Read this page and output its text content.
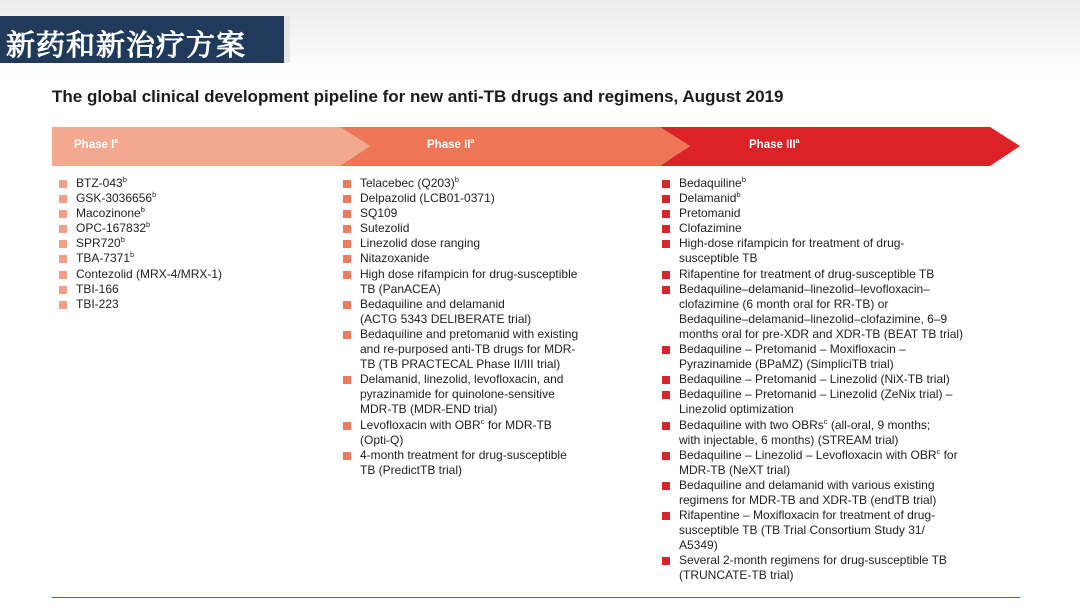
新药和新治疗方案
The global clinical development pipeline for new anti-TB drugs and regimens, August 2019
Phase $I^a$	Phase $II^a$	Phase III$^a$
BTZ-043$^b$
GSK-3036656$^b$
Macozinone$^b$
OPC-167832$^b$
SPR720$^b$
TBA-7371$^b$
Contezolid (MRX-4/MRX-1)
TBI-166
TBI-223
Telacebec $(Q203)^b$
Delpazolid (LCB01-0371)
SQ109
Sutezolid
Linezolid dose ranging
Nitazoxanide
High dose rifampicin for drug-susceptible
TB (PanACEA)
Bedaquiline and delamanid
(ACTG 5343 DELIBERATE trial)
Bedaquiline and pretomanid with existing
and re-purposed anti-TB drugs for MDR-
TB (TB PRACTECAL Phase II/III trial)
Delamanid, linezolid, levofloxacin, and
pyrazinamide for quinolone-sensitive
MDR-TB (MDR-END trial)
Levofloxacin with OBR$^c$ for MDR-TB
(Opti-Q)
4-month treatment for drug-susceptible
TB (PredictTB trial)
Bedaquiline$^b$
Delamanid$^b$
Pretomanid
Clofazimine
High-dose rifampicin for treatment of drug-
susceptible TB
Rifapentine for treatment of drug-susceptible TB
Bedaquiline–delamanid–linezolid–levofloxacin–
clofazimine (6 month oral for RR-TB) or
Bedaquiline–delamanid–linezolid–clofazimine, 6–9
months oral for pre-XDR and XDR-TB (BEAT TB trial)
Bedaquiline – Pretomanid – Moxifloxacin –
Pyrazinamide (BPaMZ) (SimpliciTB trial)
Bedaquiline – Pretomanid – Linezolid (NiX-TB trial)
Bedaquiline – Pretomanid – Linezolid (ZeNix trial) –
Linezolid optimization
Bedaquiline with two OBRs$^c$ (all-oral, 9 months;
with injectable, 6 months) (STREAM trial)
Bedaquiline – Linezolid – Levofloxacin with OBR$^c$ for
MDR-TB (NeXT trial)
Bedaquiline and delamanid with various existing
regimens for MDR-TB and XDR-TB (endTB trial)
Rifapentine – Moxifloxacin for treatment of drug-
susceptible TB (TB Trial Consortium Study 31/
A5349)
Several 2-month regimens for drug-susceptible TB
(TRUNCATE-TB trial)
